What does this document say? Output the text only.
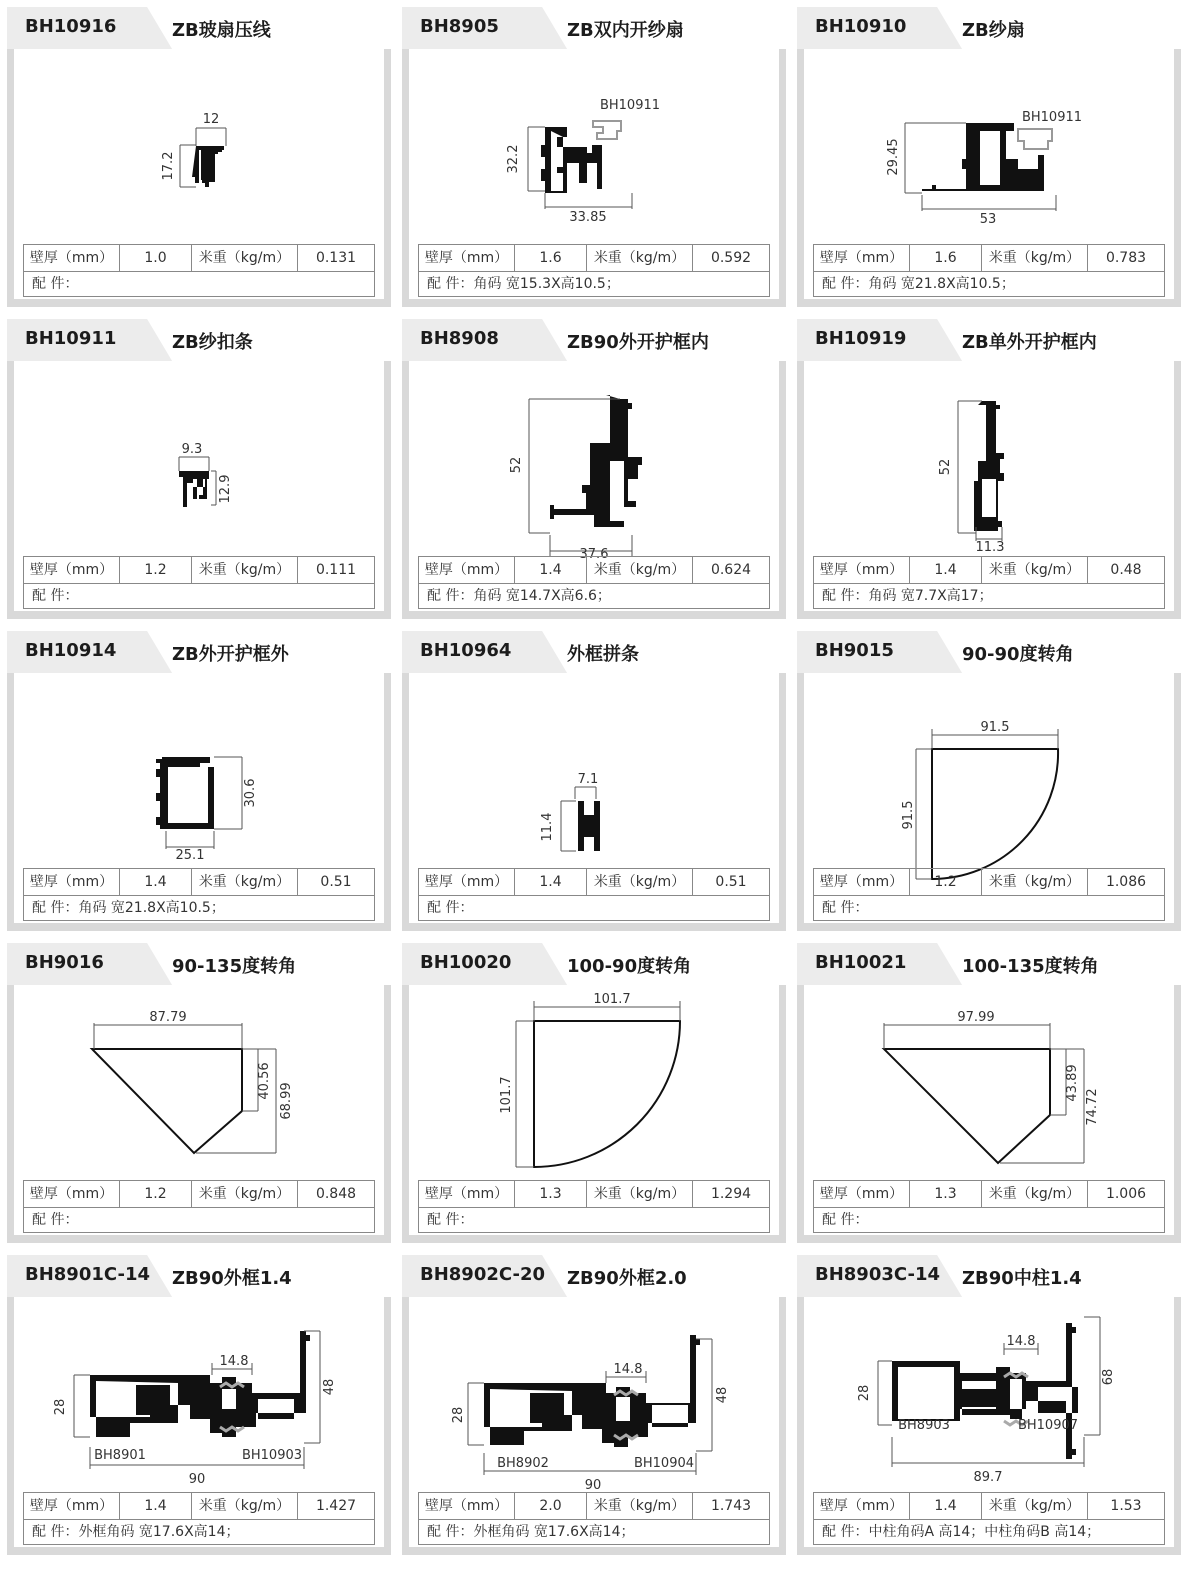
BH10916	ZB玻扇压线
12
17.2
壁厚（mm）	1.0	米重（kg/m）	0.131
配 件：
BH8905	ZB双内开纱扇
32.2
33.85
BH10911
壁厚（mm）	1.6	米重（kg/m）	0.592
配 件：角码 宽15.3X高10.5；
BH10910	ZB纱扇
29.45
53
BH10911
壁厚（mm）	1.6	米重（kg/m）	0.783
配 件：角码 宽21.8X高10.5；
BH10911	ZB纱扣条
9.3
12.9
壁厚（mm）	1.2	米重（kg/m）	0.111
配 件：
BH8908	ZB90外开护框内
52
37.6
壁厚（mm）	1.4	米重（kg/m）	0.624
配 件：角码 宽14.7X高6.6；
BH10919	ZB单外开护框内
52
11.3
壁厚（mm）	1.4	米重（kg/m）	0.48
配 件：角码 宽7.7X高17；
BH10914	ZB外开护框外
30.6
25.1
壁厚（mm）	1.4	米重（kg/m）	0.51
配 件：角码 宽21.8X高10.5；
BH10964	外框拼条
7.1
11.4
壁厚（mm）	1.4	米重（kg/m）	0.51
配 件：
BH9015	90-90度转角
91.5
91.5
壁厚（mm）	1.2	米重（kg/m）	1.086
配 件：
BH9016	90-135度转角
87.79
40.56
68.99
壁厚（mm）	1.2	米重（kg/m）	0.848
配 件：
BH10020	100-90度转角
101.7
101.7
壁厚（mm）	1.3	米重（kg/m）	1.294
配 件：
BH10021	100-135度转角
97.99
43.89
74.72
壁厚（mm）	1.3	米重（kg/m）	1.006
配 件：
BH8901C-14 ZB90外框1.4
14.8
28
48
90
BH8901	BH10903
壁厚（mm）	1.4	米重（kg/m）	1.427
配 件：外框角码 宽17.6X高14；
BH8902C-20 ZB90外框2.0
14.8
28
48
90
BH8902	BH10904
壁厚（mm）	2.0	米重（kg/m）	1.743
配 件：外框角码 宽17.6X高14；
BH8903C-14 ZB90中柱1.4
14.8
28
68
89.7
BH8903	BH10907
壁厚（mm）	1.4	米重（kg/m）	1.53
配 件：中柱角码A 高14；中柱角码B 高14；
